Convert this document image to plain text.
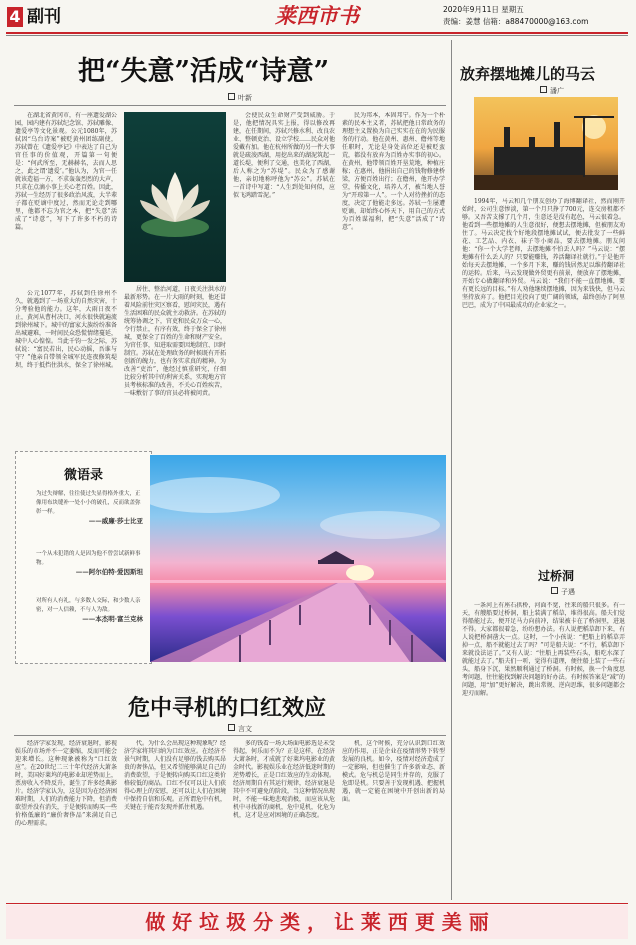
4 副刊	莱西市书	2020年9月11日 星期五
责编：姜慧 信箱：a88470000@163.com
把“失意”活成“诗意”
叶新

在湖北省黄冈市，有一座遗爱湖公园，园内建有苏轼纪念馆、苏轼雕像、遗爱亭等文化景观。公元1080年，苏轼因“乌台诗案”被贬黄州团练副使，苏轼曾在《遗爱亭记》中表达了自己为官任事的价值观，开篇第一句便是：“何武所至，无赫赫名，去而人思之，此之谓‘遗爱’。”他认为，为官一任就该造福一方，不求轰轰烈烈的大声，只求在点滴小事上关心老百姓。因此，苏轼一生经历了很多政治风波，大半辈子都在贬谪中度过，然而无论走到哪里，他都不忘为官之本，把“失意”活成了“诗意”，写下了许多不朽的诗篇。

公元1077年，苏轼到任徐州不久，就遇到了一场重大的自然灾害，十分考验他的能力。这年，大雨日夜不止，黄河从曹村决口，河水很快就遍流到徐州城下。城中的富家大族纷纷准备出城避难，一时间民众恐慌情绪蔓延，城中人心惶惶。当此千钧一发之际，苏轼说：“富民若出，民心动摇，吾谁与守？”他亲自带领全城军民连夜修筑堤坝，终于抵挡住洪水，保全了徐州城。

居住、整治河道，日夜关注洪水的最新形势。在一片大雨的时刻，他还冒着风险前往灾区察看，慰问灾民，遇有生活困难的民众就主动救济。在苏轼的统筹协调之下，官吏和民众万众一心，令行禁止，有序有效，终于保全了徐州城，更保全了百姓的生命和财产安全。为官任事，知进取需要因地制宜、因时制宜。苏轼在处理政务的时候既有开拓创新的魄力，也有务实求真的精神。为改善“吏治”，他经过慎重研究，仔细比较分析其中的利害关系，实现地方官员考核标准的改善，不关心百姓疾苦，一味敷衍了事的官员必将被问责。

会使民众生命财产受到威胁。于是，他把情况具实上报，得以修改再建，在任期间，苏轼兴修水利、改良农业、整顿吏治、设立学校……民众对他爱戴有加。他在杭州所做的另一件大事就是疏浚西湖，用挖出来的湖泥筑起一道长堤，便利了交通，也美化了西湖，后人称之为“苏堤”。民众为了感谢他，亲切地称呼他为“苏公”。苏轼在一首诗中写道：“人生到处知何似，应似飞鸿踏雪泥。”

民为邦本，本固邦宁。作为一个朴素的民本主义者，苏轼把他日常政务的理想主义置换为自己实实在在的为民服务的行动。他在黄州、惠州、儋州等地任职时，无论是身处高位还是被贬蛮荒，都没有放弃为百姓办实事的初心。在黄州，他带领百姓开垦荒地，种植庄稼；在惠州，他捐出自己的钱物修建桥梁，方便百姓出行；在儋州，他开办学堂，传播文化，培养人才，被当地人誉为“开琼第一人”。一个人对待挫折的态度，决定了他能走多远。苏轼一生屡遭贬谪，却始终心怀天下，用自己的方式为百姓谋福利，把“失意”活成了“诗意”。

放弃摆地摊儿的马云
潘广

1994年，马云和几个朋友创办了海博翻译社，然而刚开始时，公司生意惨淡，第一个月只挣了700元，连交房租都不够。又吾苦支撑了几个月，生意还是没有起色，马云很着急。他看到一些摆地摊的人生意很好，便想去摆地摊，但被朋友劝住了。马云决定找个好地段摆地摊试试，便去批发了一些鲜花、工艺品、内衣、袜子等小商品，要去摆地摊。朋友问他：“你一个大学老师，去摆地摊不怕丢人吗？”马云说：“摆地摊有什么丢人的？只要能赚钱，养活翻译社就行。”于是他开始每天去摆地摊，一个多月下来，赚的钱居然足以维持翻译社的运转。后来，马云发现做外贸更有前景，便放弃了摆地摊，开始专心做翻译和外贸。马云说：“我们不能一直摆地摊，要有更长远的目标。”有人劝他继续摆地摊，因为来钱快，但马云坚持放弃了。他把目光投向了更广阔的领域，最终创办了阿里巴巴，成为了中国最成功的企业家之一。

过桥洞
子遇

一条河上有座石拱桥，河面不宽，往来的船只很多。有一天，有艘船要过桥洞，船上装满了稻草，堆得很高。船夫们觉得船能过去，便开足马力向前冲，结果被卡在了桥洞里，进退不得。大家都很着急，纷纷想办法。有人说把稻草卸下来，有人说把桥洞凿大一点。这时，一个小孩说：“把船上的稻草弄掉一点，船不就能过去了吗？”可是船夫说：“不行，稻草卸下来就没法运了。”又有人说：“往船上再装些石头，船吃水深了就能过去了。”船夫们一听，觉得有道理，便往船上装了一些石头，船身下沉，果然顺利通过了桥洞。有时候，换一个角度思考问题，往往能找到解决问题的好办法。有时候答案是“减”的问题，用“加”更好解决，跳出常规、逆向思维，很多问题都会迎刃而解。

微语录
为过失辩解，往往使过失显得格外重大，正像用布块缝补一处小小的破孔，反而欲盖弥彰一样。
——威廉·莎士比亚
一个从未犯错的人是因为他不曾尝试新鲜事物。
——阿尔伯特·爱因斯坦
对所有人有礼，与多数人交际，和少数人亲密，对一人信赖，不与人为敌。
——本杰明·富兰克林
危中寻机的口红效应
言文

经济学家发现，经济衰退时，影视娱乐的市场并不一定萎缩，反而可能会迎来增长。这种现象被称为“口红效应”。在20世纪二三十年代经济大萧条时，美国好莱坞的电影业却逆势而上，票房收入不降反升，诞生了许多经典影片。经济学家认为，这是因为在经济困难时期，人们的消费能力下降，但消费欲望并没有消失，于是便转而购买一些价格低廉的“廉价奢侈品”来满足自己的心理需求。

代。为什么会出现这种现象呢？经济学家将其归纳为口红效应。在经济不景气时期，人们没有足够的钱去购买昂贵的奢侈品，但又希望能够满足自己的消费欲望，于是便转向购买口红这类价格较低的商品。口红不仅可以让人们获得心理上的安慰，还可以让人们在困境中保持自信和乐观。正所谓危中有机，关键在于能否发现并抓住机遇。

多的钱看一场大场面电影选是未受得起，何乐而不为？正是这样，在经济大萧条时，才成就了好莱坞电影业的黄金时代。影视娱乐业在经济低迷时期的逆势增长，正是口红效应的生动体现。经济周期自有其运行规律，经济衰退是其中不可避免的阶段，当这种情况出现时，不能一味地悲观消极，而应该从危机中寻找新的商机，危中觅机，化危为机，这才是应对困境的正确态度。

机，这个时候，充分认识到口红效应的作用，正是企业在疫情形势下转型发展的良机。如今，疫情对经济造成了一定影响，但也催生了许多新业态、新模式。危与机总是同生并存的，克服了危即是机。只要善于发现机遇、把握机遇，就一定能在困境中开创出新的局面。

做 好 垃 圾 分 类 ， 让 莱 西 更 美 丽
